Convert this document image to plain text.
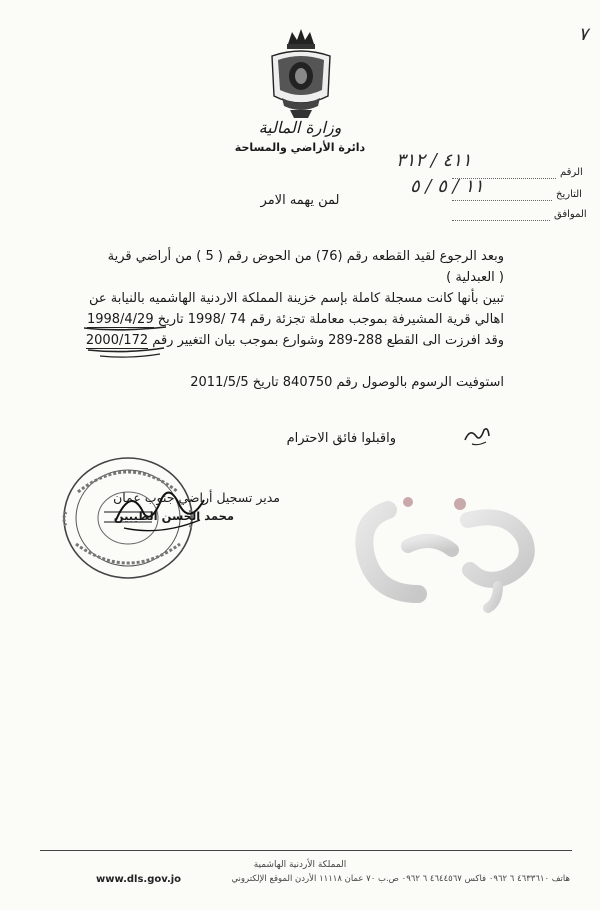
٧
وزارة المالية
دائرة الأراضي والمساحة
٤١١ / ٣١٢
الرقم
١١ / ٥ / ٥	التاريخ
الموافق
لمن يهمه الامر
وبعد الرجوع لقيد القطعه رقم (76) من الحوض رقم ( 5 ) من أراضي قرية
( العبدلية )
تبين بأنها كانت مسجلة كاملة بإسم خزينة المملكة الاردنية الهاشميه بالنيابة عن
اهالي قرية المشيرفة بموجب معاملة تجزئة رقم 74 /1998 تاريخ 1998/4/29
وقد افرزت الى القطع 288-289 وشوارع بموجب بيان التغيير رقم 2000/172
استوفيت الرسوم بالوصول رقم 840750 تاريخ 2011/5/5
واقبلوا فائق الاحترام
مدير تسجيل أراضي جنوب عمان
محمد الحسن الطيبين
المملكة الأردنية الهاشمية
هاتف ٤٦٣٣٦١٠ ٦ ٠٩٦٢ فاكس ٤٦٤٤٥٦٧ ٦ ٠٩٦٢ ص.ب ٧٠ عمان ١١١١٨ الأردن الموقع الإلكتروني
www.dls.gov.jo
